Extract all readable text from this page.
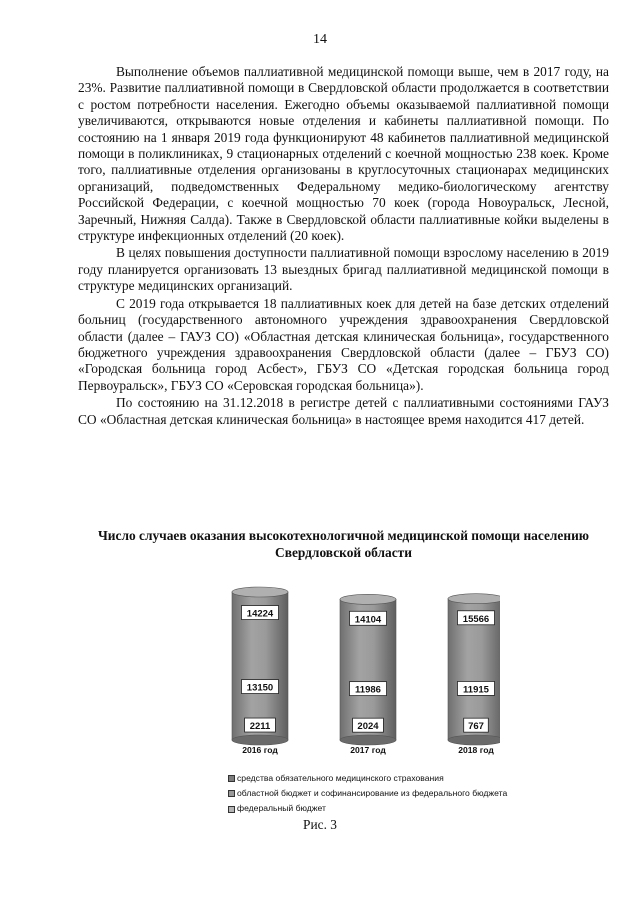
14

Выполнение объемов паллиативной медицинской помощи выше, чем в 2017 году, на 23%. Развитие паллиативной помощи в Свердловской области продолжается в соответствии с ростом потребности населения. Ежегодно объемы оказываемой паллиативной помощи увеличиваются, открываются новые отделения и кабинеты паллиативной помощи. По состоянию на 1 января 2019 года функционируют 48 кабинетов паллиативной медицинской помощи в поликлиниках, 9 стационарных отделений с коечной мощностью 238 коек. Кроме того, паллиативные отделения организованы в круглосуточных стационарах медицинских организаций, подведомственных Федеральному медико-биологическому агентству Российской Федерации, с коечной мощностью 70 коек (города Новоуральск, Лесной, Заречный, Нижняя Салда). Также в Свердловской области паллиативные койки выделены в структуре инфекционных отделений (20 коек).

В целях повышения доступности паллиативной помощи взрослому населению в 2019 году планируется организовать 13 выездных бригад паллиативной медицинской помощи в структуре медицинских организаций.

С 2019 года открывается 18 паллиативных коек для детей на базе детских отделений больниц (государственного автономного учреждения здравоохранения Свердловской области (далее – ГАУЗ СО) «Областная детская клиническая больница», государственного бюджетного учреждения здравоохранения Свердловской области (далее – ГБУЗ СО) «Городская больница город Асбест», ГБУЗ СО «Детская городская больница город Первоуральск», ГБУЗ СО «Серовская городская больница»).

По состоянию на 31.12.2018 в регистре детей с паллиативными состояниями ГАУЗ СО «Областная детская клиническая больница» в настоящее время находится 417 детей.

Число случаев оказания высокотехнологичной медицинской помощи населению Свердловской области
14224
13150
2211
2016 год
14104
11986
2024
2017 год
15566
11915
767
2018 год
средства обязательного медицинского страхования
областной бюджет и софинансирование из федерального бюджета
федеральный бюджет
Рис. 3
